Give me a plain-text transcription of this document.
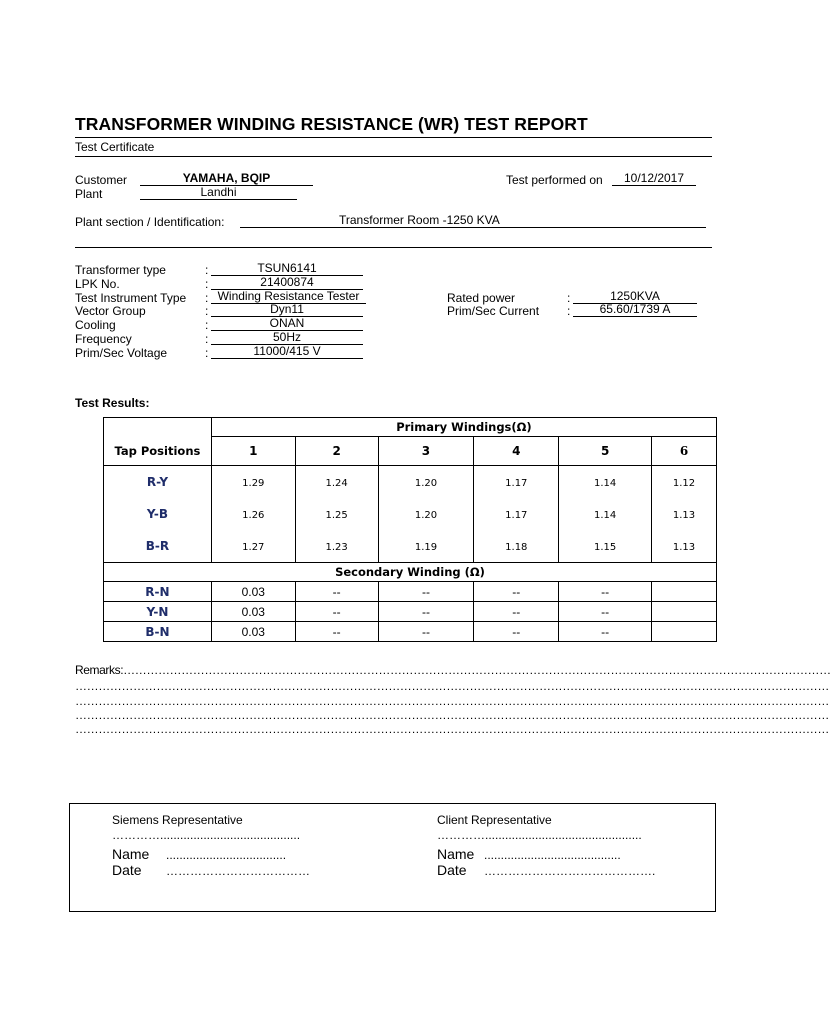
TRANSFORMER WINDING RESISTANCE (WR) TEST REPORT
Test Certificate
Customer	YAMAHA, BQIP
Plant	Landhi
Test performed on	10/12/2017
Plant section / Identification:	Transformer Room -1250 KVA
Transformer type	:	TSUN6141
LPK No.	:	21400874
Test Instrument Type : Winding Resistance Tester
Vector Group	:	Dyn11
Cooling	:	ONAN
Frequency	:	50Hz
Prim/Sec Voltage	:	11000/415 V
Rated power	:	1250KVA
Prim/Sec Current :	65.60/1739 A
Test Results:
	Primary Windings(Ω)					
Tap Positions	1	2	3	4	5	6
R-Y	1.29	1.24	1.20	1.17	1.14	1.12
Y-B	1.26	1.25	1.20	1.17	1.14	1.13
B-R	1.27	1.23	1.19	1.18	1.15	1.13
Secondary Winding (Ω)						
R-N	0.03	--	--	--	--	
Y-N	0.03	--	--	--	--	
B-N	0.03	--	--	--	--	
Remarks:…………………………………………………………………………………………………………………………………………………………………
……………………………………………………………………………………………………………………………………………………………………………
……………………………………………………………………………………………………………………………………………………………………………
……………………………………………………………………………………………………………………………………………………………………………
……………………………………………………………………………………………………………………………………………………………………………
Siemens Representative
…………..........................................
Name ....................................
Date ………………………………
Client Representative
…………...............................................
Name .........................................
Date …………………………………….
